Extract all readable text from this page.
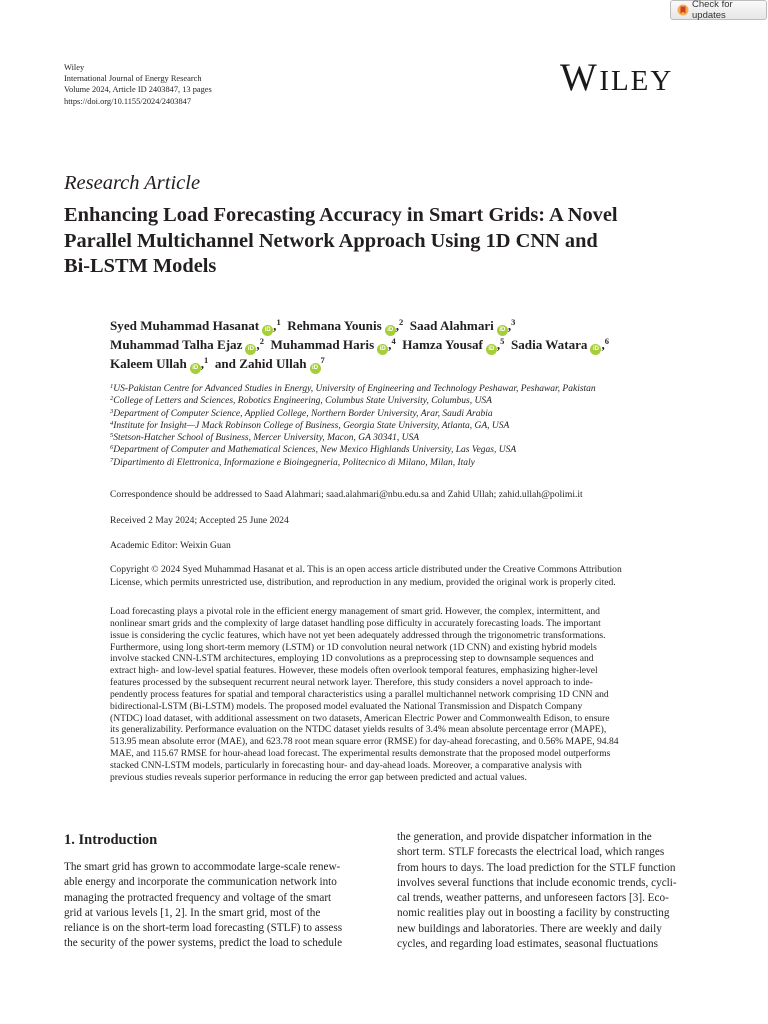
Check for updates
Wiley
International Journal of Energy Research
Volume 2024, Article ID 2403847, 13 pages
https://doi.org/10.1155/2024/2403847
WILEY
Research Article
Enhancing Load Forecasting Accuracy in Smart Grids: A Novel
Parallel Multichannel Network Approach Using 1D CNN and
Bi-LSTM Models
Syed Muhammad Hasanat iD ,$^1$ Rehmana Younis iD ,$^2$ Saad Alahmari iD ,$^3$
Muhammad Talha Ejaz iD ,$^2$ Muhammad Haris iD ,$^4$ Hamza Yousaf iD ,$^5$ Sadia Watara iD ,$^6$
Kaleem Ullah iD ,$^1$ and Zahid Ullah $iD^7$
$^1$US-Pakistan Centre for Advanced Studies in Energy, University of Engineering and Technology Peshawar, Peshawar, Pakistan
$^2$College of Letters and Sciences, Robotics Engineering, Columbus State University, Columbus, USA
$^3$Department of Computer Science, Applied College, Northern Border University, Arar, Saudi Arabia
$^4$Institute for Insight—J Mack Robinson College of Business, Georgia State University, Atlanta, GA, USA
$^5$Stetson-Hatcher School of Business, Mercer University, Macon, GA 30341, USA
$^6$Department of Computer and Mathematical Sciences, New Mexico Highlands University, Las Vegas, USA
$^7$Dipartimento di Elettronica, Informazione e Bioingegneria, Politecnico di Milano, Milan, Italy
Correspondence should be addressed to Saad Alahmari; saad.alahmari@nbu.edu.sa and Zahid Ullah; zahid.ullah@polimi.it
Received 2 May 2024; Accepted 25 June 2024
Academic Editor: Weixin Guan
Copyright © 2024 Syed Muhammad Hasanat et al. This is an open access article distributed under the Creative Commons Attribution
License, which permits unrestricted use, distribution, and reproduction in any medium, provided the original work is properly cited.
Load forecasting plays a pivotal role in the efficient energy management of smart grid. However, the complex, intermittent, and
nonlinear smart grids and the complexity of large dataset handling pose difficulty in accurately forecasting loads. The important
issue is considering the cyclic features, which have not yet been adequately addressed through the trigonometric transformations.
Furthermore, using long short-term memory (LSTM) or 1D convolution neural network (1D CNN) and existing hybrid models
involve stacked CNN-LSTM architectures, employing 1D convolutions as a preprocessing step to downsample sequences and
extract high- and low-level spatial features. However, these models often overlook temporal features, emphasizing higher-level
features processed by the subsequent recurrent neural network layer. Therefore, this study considers a novel approach to inde-
pendently process features for spatial and temporal characteristics using a parallel multichannel network comprising 1D CNN and
bidirectional-LSTM (Bi-LSTM) models. The proposed model evaluated the National Transmission and Dispatch Company
(NTDC) load dataset, with additional assessment on two datasets, American Electric Power and Commonwealth Edison, to ensure
its generalizability. Performance evaluation on the NTDC dataset yields results of 3.4% mean absolute percentage error (MAPE),
513.95 mean absolute error (MAE), and 623.78 root mean square error (RMSE) for day-ahead forecasting, and 0.56% MAPE, 94.84
MAE, and 115.67 RMSE for hour-ahead load forecast. The experimental results demonstrate that the proposed model outperforms
stacked CNN-LSTM models, particularly in forecasting hour- and day-ahead loads. Moreover, a comparative analysis with
previous studies reveals superior performance in reducing the error gap between predicted and actual values.
1. Introduction
The smart grid has grown to accommodate large-scale renew-
able energy and incorporate the communication network into
managing the protracted frequency and voltage of the smart
grid at various levels [1, 2]. In the smart grid, most of the
reliance is on the short-term load forecasting (STLF) to assess
the security of the power systems, predict the load to schedule
the generation, and provide dispatcher information in the
short term. STLF forecasts the electrical load, which ranges
from hours to days. The load prediction for the STLF function
involves several functions that include economic trends, cycli-
cal trends, weather patterns, and unforeseen factors [3]. Eco-
nomic realities play out in boosting a facility by constructing
new buildings and laboratories. There are weekly and daily
cycles, and regarding load estimates, seasonal fluctuations
